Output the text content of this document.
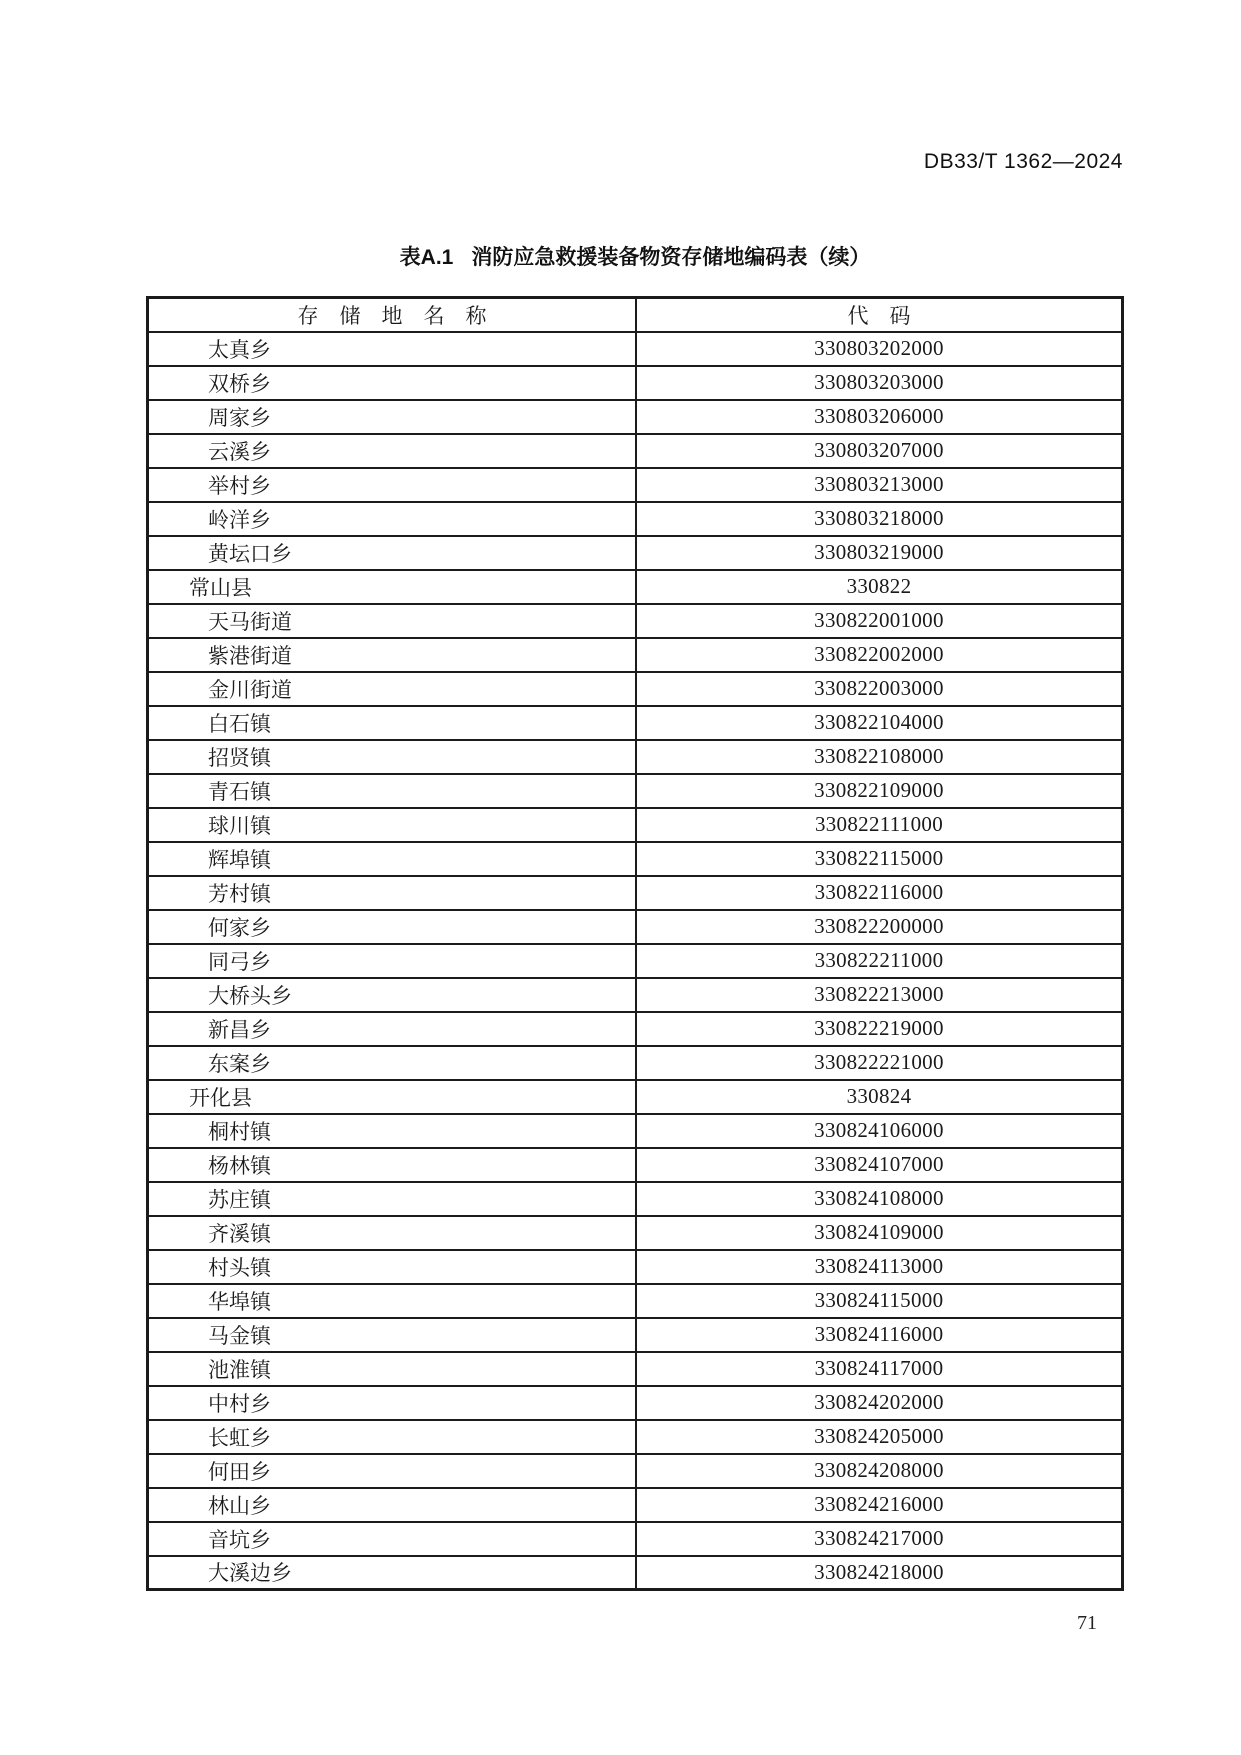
DB33/T 1362—2024
表A.1 消防应急救援装备物资存储地编码表（续）
存　储　地　名　称	代　码
太真乡	330803202000
双桥乡	330803203000
周家乡	330803206000
云溪乡	330803207000
举村乡	330803213000
岭洋乡	330803218000
黄坛口乡	330803219000
常山县	330822
天马街道	330822001000
紫港街道	330822002000
金川街道	330822003000
白石镇	330822104000
招贤镇	330822108000
青石镇	330822109000
球川镇	330822111000
辉埠镇	330822115000
芳村镇	330822116000
何家乡	330822200000
同弓乡	330822211000
大桥头乡	330822213000
新昌乡	330822219000
东案乡	330822221000
开化县	330824
桐村镇	330824106000
杨林镇	330824107000
苏庄镇	330824108000
齐溪镇	330824109000
村头镇	330824113000
华埠镇	330824115000
马金镇	330824116000
池淮镇	330824117000
中村乡	330824202000
长虹乡	330824205000
何田乡	330824208000
林山乡	330824216000
音坑乡	330824217000
大溪边乡	330824218000
71
